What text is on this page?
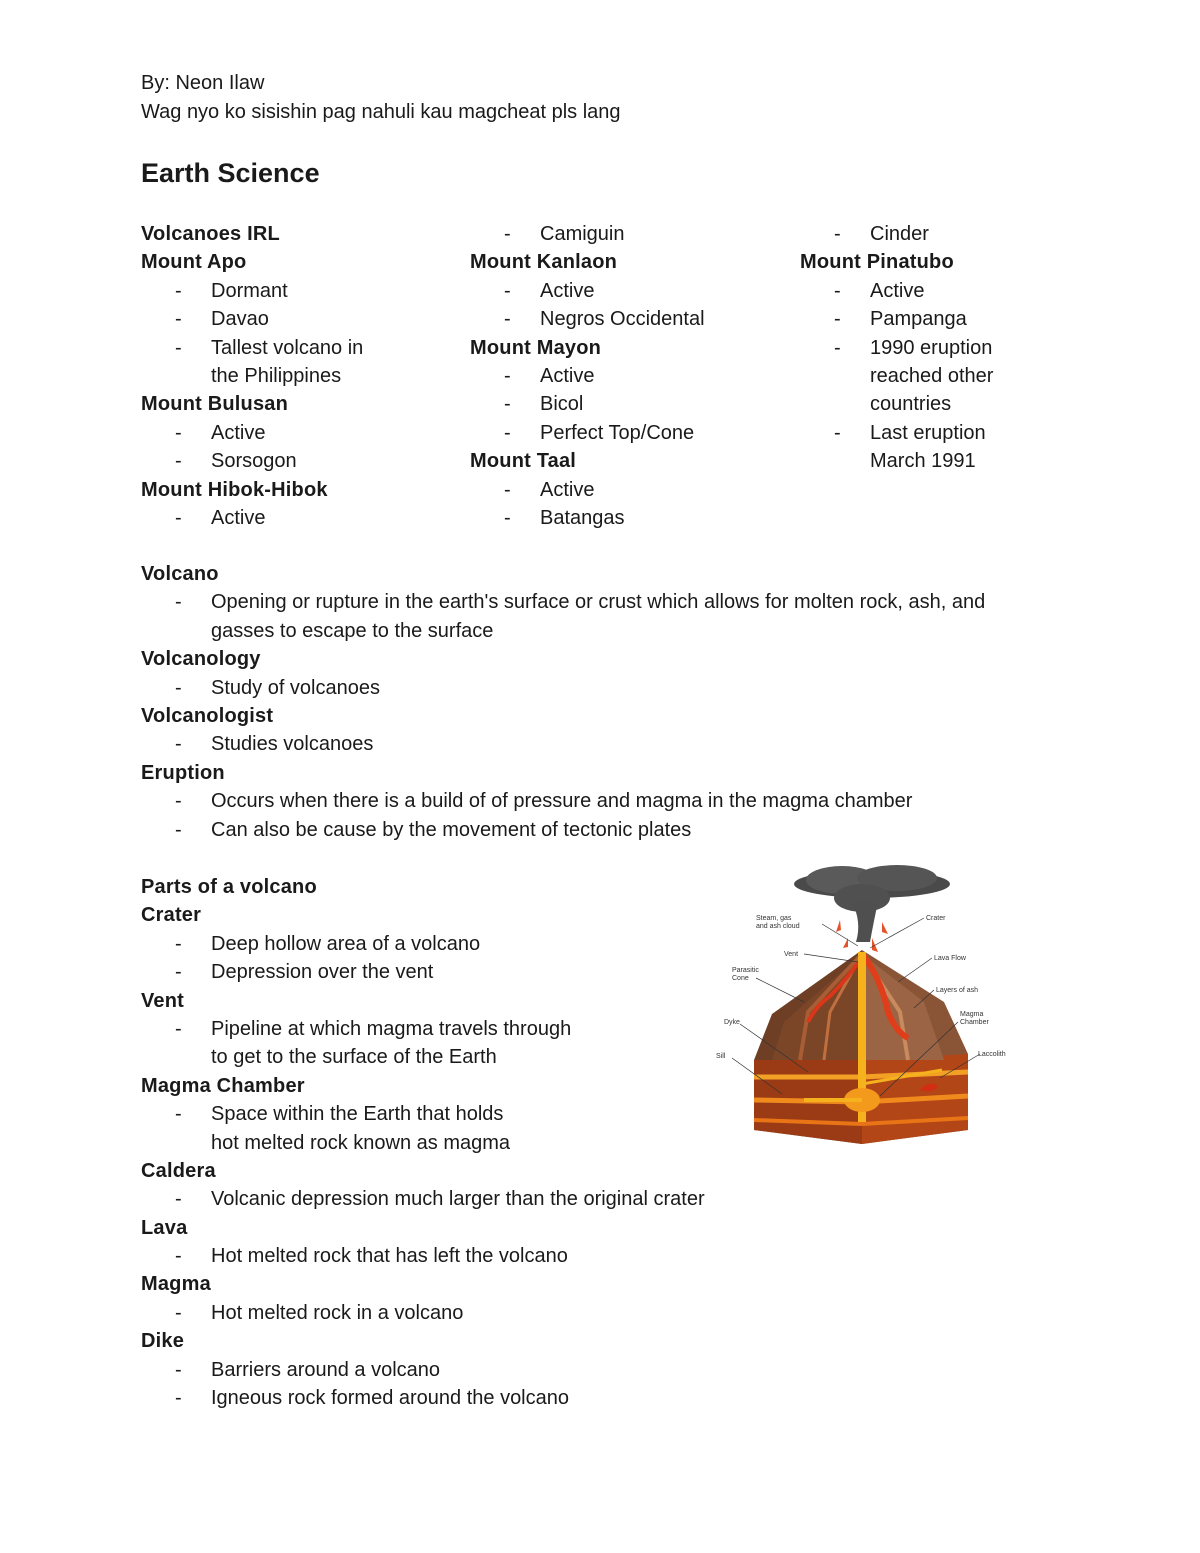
By: Neon Ilaw
Wag nyo ko sisishin pag nahuli kau magcheat pls lang
Earth Science
Volcanoes IRL
Mount Apo
- Dormant
- Davao
- Tallest volcano in
the Philippines
Mount Bulusan
- Active
- Sorsogon
Mount Hibok-Hibok
- Active
- Camiguin
Mount Kanlaon
- Active
- Negros Occidental
Mount Mayon
- Active
- Bicol
- Perfect Top/Cone
Mount Taal
- Active
- Batangas
- Cinder
Mount Pinatubo
- Active
- Pampanga
- 1990 eruption
reached other
countries
- Last eruption
March 1991
Volcano
- Opening or rupture in the earth's surface or crust which allows for molten rock, ash, and
gasses to escape to the surface
Volcanology
- Study of volcanoes
Volcanologist
- Studies volcanoes
Eruption
- Occurs when there is a build of of pressure and magma in the magma chamber
- Can also be cause by the movement of tectonic plates
Parts of a volcano
Crater
- Deep hollow area of a volcano
- Depression over the vent
Vent
- Pipeline at which magma travels through
to get to the surface of the Earth
Magma Chamber
- Space within the Earth that holds
hot melted rock known as magma
Caldera
- Volcanic depression much larger than the original crater
Lava
- Hot melted rock that has left the volcano
Magma
- Hot melted rock in a volcano
Dike
- Barriers around a volcano
- Igneous rock formed around the volcano
Steam, gas
and ash cloud
Crater
Vent
Lava Flow
Parasitic
Cone
Layers of ash
Magma
Chamber
Dyke
Sill	Laccolith
